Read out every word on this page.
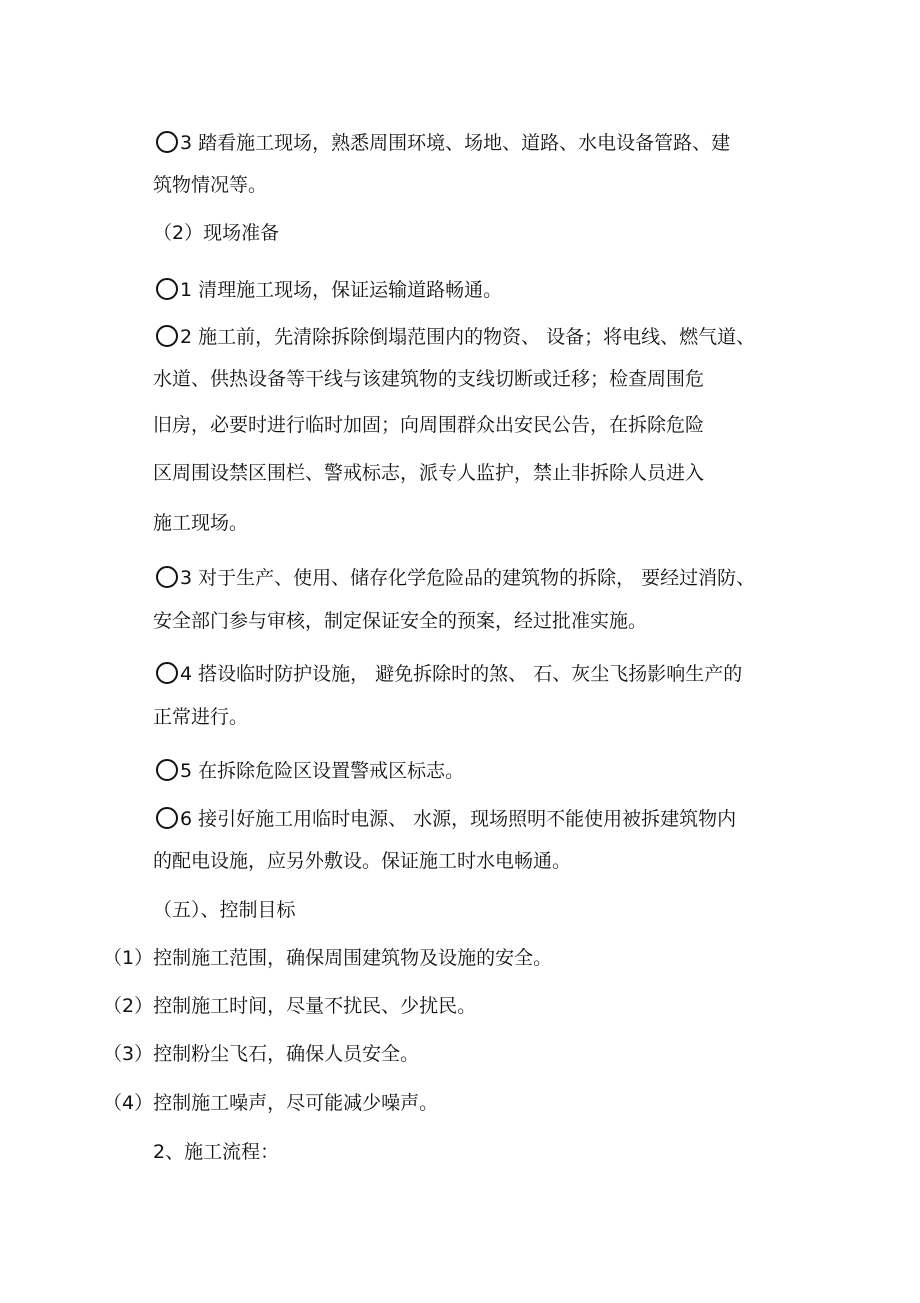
3 踏看施工现场，熟悉周围环境、场地、道路、水电设备管路、建
筑物情况等。
（2）现场准备
1 清理施工现场，保证运输道路畅通。
2 施工前，先清除拆除倒塌范围内的物资、 设备；将电线、燃气道、
水道、供热设备等干线与该建筑物的支线切断或迁移；检查周围危
旧房，必要时进行临时加固；向周围群众出安民公告，在拆除危险
区周围设禁区围栏、警戒标志，派专人监护，禁止非拆除人员进入
施工现场。
3 对于生产、使用、储存化学危险品的建筑物的拆除， 要经过消防、
安全部门参与审核，制定保证安全的预案，经过批准实施。
4 搭设临时防护设施， 避免拆除时的煞、 石、灰尘飞扬影响生产的
正常进行。
5 在拆除危险区设置警戒区标志。
6 接引好施工用临时电源、 水源，现场照明不能使用被拆建筑物内
的配电设施，应另外敷设。保证施工时水电畅通。
（五）、控制目标
（1）控制施工范围，确保周围建筑物及设施的安全。
（2）控制施工时间，尽量不扰民、少扰民。
（3）控制粉尘飞石，确保人员安全。
（4）控制施工噪声，尽可能减少噪声。
2、施工流程：
